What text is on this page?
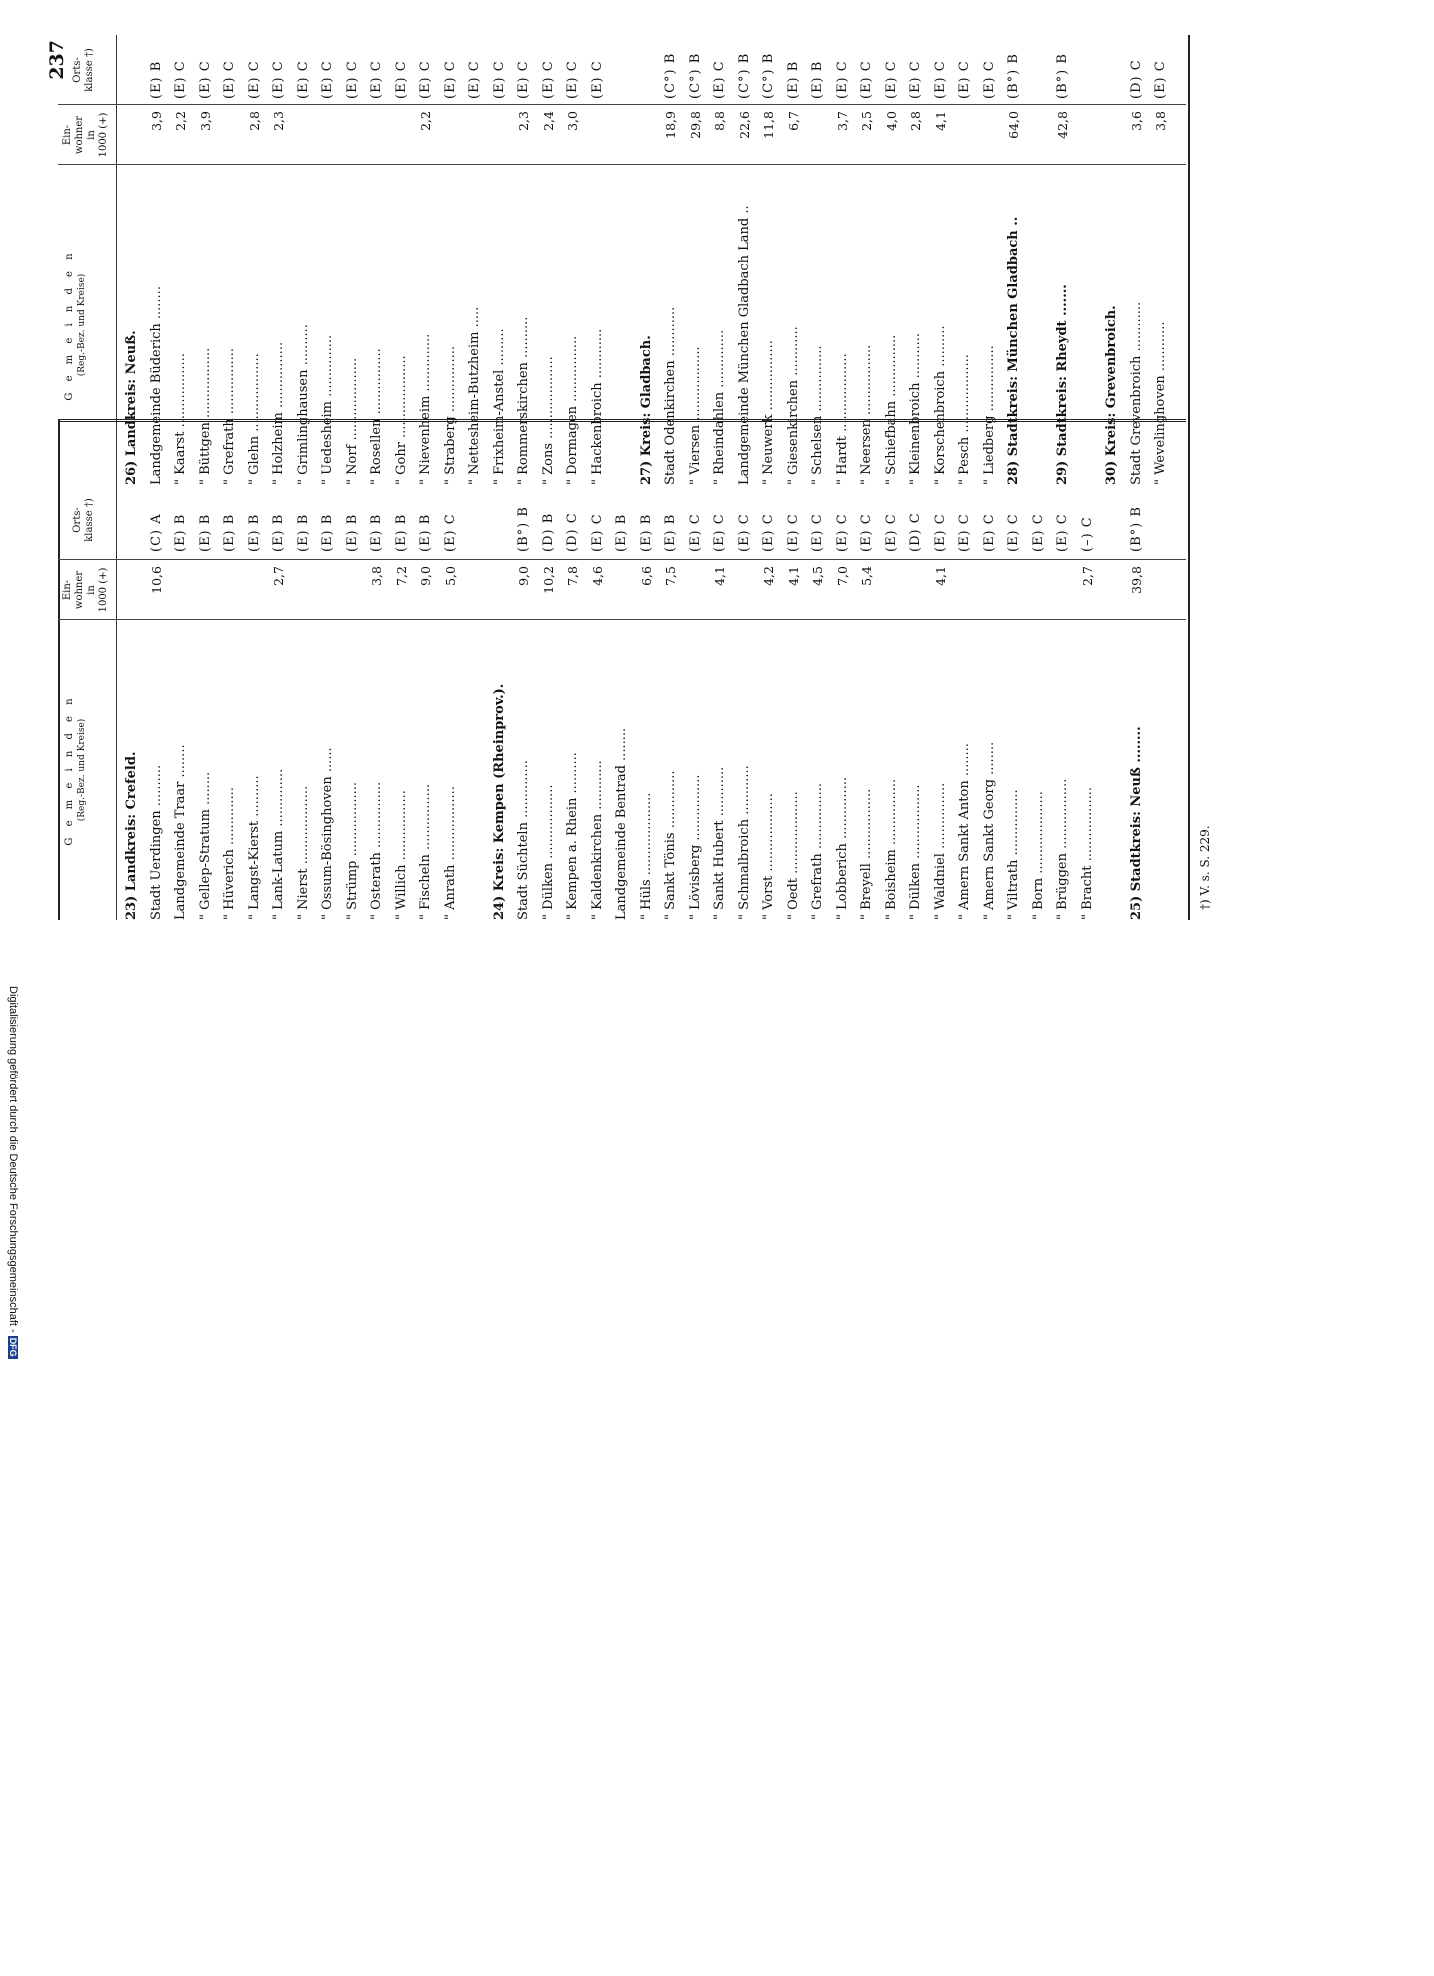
237
G e m e i n d e n (Reg.-Bez. und Kreise)
Ein-
wohner
in
1000 (+)
Orts-
klasse †)
23) Landkreis: Crefeld. Stadt Uerdingen ..........
10,6
(C) A
Landgemeinde Traar ........
(E) B
" Gellep-Stratum ........
(E) B
" Hüverich ..............
(E) B
" Langst-Kierst ..........
(E) B
" Lank-Latum ..............
2,7
(E) B
" Nierst ...................
(E) B
" Ossum-Bösinghoven ......
(E) B
" Strümp ..................
(E) B
" Osterath ................
3,8
(E) B
" Willich .................
7,2
(E) B
" Fischeln ................
9,0
(E) B
" Anrath ..................
5,0
(E) C
24) Kreis: Kempen (Rheinprov.). Stadt Süchteln ..............
9,0
(B°) B
" Dülken ..................
10,2
(D) B
" Kempen a. Rhein ..........
7,8
(D) C
" Kaldenkirchen ............
4,6
(E) C
Landgemeinde Bentrad ........
(E) B
" Hüls ....................
6,6
(E) B
" Sankt Tönis ..............
7,5
(E) B
" Lövisberg ................
(E) C
" Sankt Hubert ............
4,1
(E) C
" Schmalbroich ............
(E) C
" Vorst ...................
4,2
(E) C
" Oedt ....................
4,1
(E) C
" Grefrath ................
4,5
(E) C
" Lobberich ...............
7,0
(E) C
" Breyell .................
5,4
(E) C
" Boisheim ................
(E) C
" Dülken ..................
(D) C
" Waldniel ................
4,1
(E) C
" Amern Sankt Anton ........
(E) C
" Amern Sankt Georg ........
(E) C
" Viltrath ................
(E) C
" Born ....................
(E) C
" Brüggen .................
(E) C
" Bracht ..................
2,7
(–) C
25) Stadtkreis: Neuß ........
39,8
(B°) B
G e m e i n d e n (Reg.-Bez. und Kreise)
Ein-
wohner
in
1000 (+)
Orts-
klasse †)
26) Landkreis: Neuß. Landgemeinde Büderich ........
3,9
(E) B
" Kaarst ..................
2,2
(E) C
" Büttgen .................
3,9
(E) C
" Grefrath ................
(E) C
" Glehn ...................
2,8
(E) C
" Holzheim ................
2,3
(E) C
" Grimlinghausen ..........
(E) C
" Uedesheim ...............
(E) C
" Norf ....................
(E) C
" Rosellen ................
(E) C
" Gohr ....................
(E) C
" Nievenheim ..............
2,2
(E) C
" Straberg ................
(E) C
" Nettesheim-Butzheim .....
(E) C
" Frixheim-Anstel .........
(E) C
" Rommerskirchen ..........
2,3
(E) C
" Zons ....................
2,4
(E) C
" Dormagen ................
3,0
(E) C
" Hackenbroich ............
(E) C
27) Kreis: Gladbach. Stadt Odenkirchen ............
18,9
(C°) B
" Viersen ..................
29,8
(C°) B
" Rheindahlen ..............
8,8
(E) C
Landgemeinde München Gladbach Land ..
22,6
(C°) B
" Neuwerk .................
11,8
(C°) B
" Giesenkirchen ............
6,7
(E) B
" Schelsen ................
(E) B
" Hardt ...................
3,7
(E) C
" Neersen .................
2,5
(E) C
" Schiefbahn ...............
4,0
(E) C
" Kleinenbroich ...........
2,8
(E) C
" Korschenbroich ..........
4,1
(E) C
" Pesch ...................
(E) C
" Liedberg ................
(E) C
28) Stadtkreis: München Gladbach ..
64,0
(B°) B
29) Stadtkreis: Rheydt .......
42,8
(B°) B
30) Kreis: Grevenbroich. Stadt Grevenbroich ............
3,6
(D) C
" Wevelinghoven ............
3,8
(E) C
†) V. s. S. 229.
Digitalisierung gefördert durch die Deutsche Forschungsgemeinschaft -DFG
